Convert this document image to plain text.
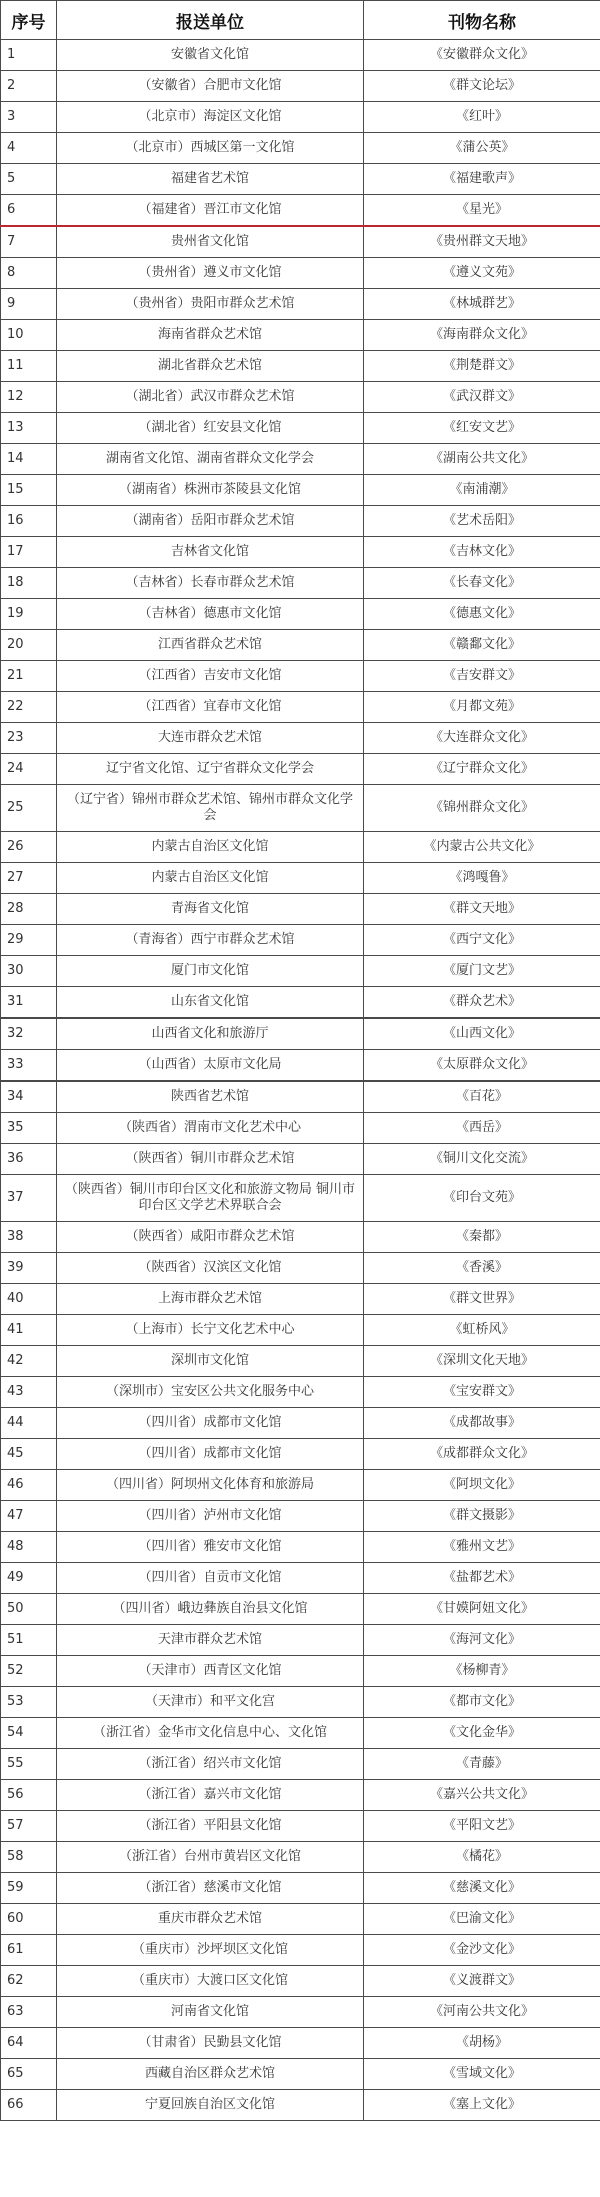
序号	报送单位	刊物名称
1	安徽省文化馆	《安徽群众文化》
2	（安徽省）合肥市文化馆	《群文论坛》
3	（北京市）海淀区文化馆	《红叶》
4	（北京市）西城区第一文化馆	《蒲公英》
5	福建省艺术馆	《福建歌声》
6	（福建省）晋江市文化馆	《星光》
7	贵州省文化馆	《贵州群文天地》
8	（贵州省）遵义市文化馆	《遵义文苑》
9	（贵州省）贵阳市群众艺术馆	《林城群艺》
10	海南省群众艺术馆	《海南群众文化》
11	湖北省群众艺术馆	《荆楚群文》
12	（湖北省）武汉市群众艺术馆	《武汉群文》
13	（湖北省）红安县文化馆	《红安文艺》
14	湖南省文化馆、湖南省群众文化学会	《湖南公共文化》
15	（湖南省）株洲市茶陵县文化馆	《南浦潮》
16	（湖南省）岳阳市群众艺术馆	《艺术岳阳》
17	吉林省文化馆	《吉林文化》
18	（吉林省）长春市群众艺术馆	《长春文化》
19	（吉林省）德惠市文化馆	《德惠文化》
20	江西省群众艺术馆	《赣鄱文化》
21	（江西省）吉安市文化馆	《吉安群文》
22	（江西省）宜春市文化馆	《月都文苑》
23	大连市群众艺术馆	《大连群众文化》
24	辽宁省文化馆、辽宁省群众文化学会	《辽宁群众文化》
25	（辽宁省）锦州市群众艺术馆、锦州市群众文化学会	《锦州群众文化》
26	内蒙古自治区文化馆	《内蒙古公共文化》
27	内蒙古自治区文化馆	《鸿嘎鲁》
28	青海省文化馆	《群文天地》
29	（青海省）西宁市群众艺术馆	《西宁文化》
30	厦门市文化馆	《厦门文艺》
31	山东省文化馆	《群众艺术》
32	山西省文化和旅游厅	《山西文化》
33	（山西省）太原市文化局	《太原群众文化》
34	陕西省艺术馆	《百花》
35	（陕西省）渭南市文化艺术中心	《西岳》
36	（陕西省）铜川市群众艺术馆	《铜川文化交流》
37	（陕西省）铜川市印台区文化和旅游文物局 铜川市印台区文学艺术界联合会	《印台文苑》
38	（陕西省）咸阳市群众艺术馆	《秦都》
39	（陕西省）汉滨区文化馆	《香溪》
40	上海市群众艺术馆	《群文世界》
41	（上海市）长宁文化艺术中心	《虹桥风》
42	深圳市文化馆	《深圳文化天地》
43	（深圳市）宝安区公共文化服务中心	《宝安群文》
44	（四川省）成都市文化馆	《成都故事》
45	（四川省）成都市文化馆	《成都群众文化》
46	（四川省）阿坝州文化体育和旅游局	《阿坝文化》
47	（四川省）泸州市文化馆	《群文摄影》
48	（四川省）雅安市文化馆	《雅州文艺》
49	（四川省）自贡市文化馆	《盐都艺术》
50	（四川省）峨边彝族自治县文化馆	《甘嫫阿妞文化》
51	天津市群众艺术馆	《海河文化》
52	（天津市）西青区文化馆	《杨柳青》
53	（天津市）和平文化宫	《都市文化》
54	（浙江省）金华市文化信息中心、文化馆	《文化金华》
55	（浙江省）绍兴市文化馆	《青藤》
56	（浙江省）嘉兴市文化馆	《嘉兴公共文化》
57	（浙江省）平阳县文化馆	《平阳文艺》
58	（浙江省）台州市黄岩区文化馆	《橘花》
59	（浙江省）慈溪市文化馆	《慈溪文化》
60	重庆市群众艺术馆	《巴渝文化》
61	（重庆市）沙坪坝区文化馆	《金沙文化》
62	（重庆市）大渡口区文化馆	《义渡群文》
63	河南省文化馆	《河南公共文化》
64	（甘肃省）民勤县文化馆	《胡杨》
65	西藏自治区群众艺术馆	《雪域文化》
66	宁夏回族自治区文化馆	《塞上文化》
